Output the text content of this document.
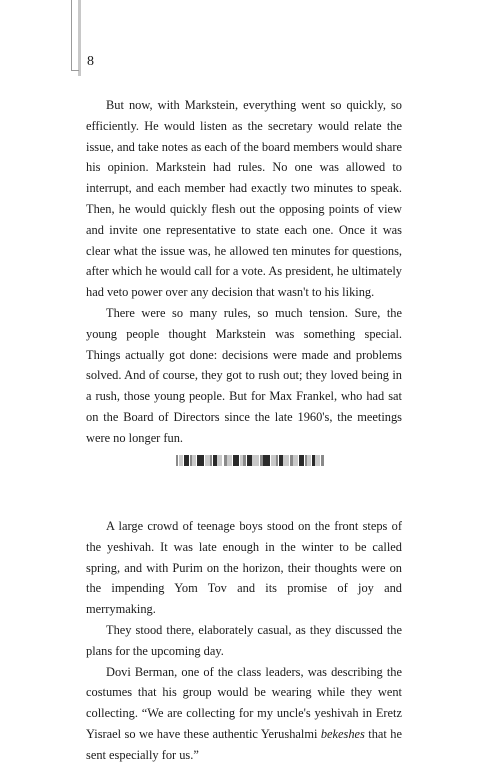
8

But now, with Markstein, everything went so quickly, so efficiently. He would listen as the secretary would relate the issue, and take notes as each of the board members would share his opinion. Markstein had rules. No one was allowed to interrupt, and each member had exactly two minutes to speak. Then, he would quickly flesh out the opposing points of view and invite one representative to state each one. Once it was clear what the issue was, he allowed ten minutes for questions, after which he would call for a vote. As president, he ultimately had veto power over any decision that wasn't to his liking.

There were so many rules, so much tension. Sure, the young people thought Markstein was something special. Things actually got done: decisions were made and problems solved. And of course, they got to rush out; they loved being in a rush, those young people. But for Max Frankel, who had sat on the Board of Directors since the late 1960's, the meetings were no longer fun.

A large crowd of teenage boys stood on the front steps of the yeshivah. It was late enough in the winter to be called spring, and with Purim on the horizon, their thoughts were on the impending Yom Tov and its promise of joy and merrymaking.

They stood there, elaborately casual, as they discussed the plans for the upcoming day.

Dovi Berman, one of the class leaders, was describing the costumes that his group would be wearing while they went collecting. “We are collecting for my uncle's yeshivah in Eretz Yisrael so we have these authentic Yerushalmi bekeshes that he sent especially for us.”
